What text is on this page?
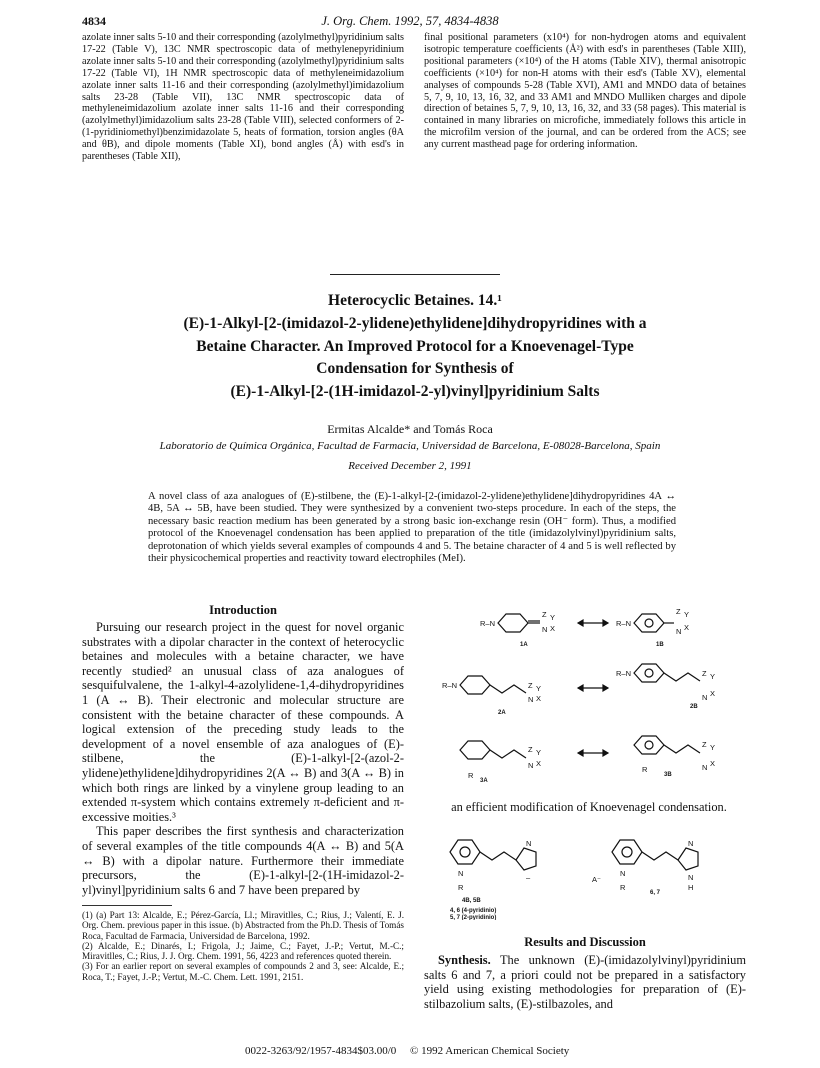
4834	J. Org. Chem. 1992, 57, 4834-4838
azolate inner salts 5-10 and their corresponding (azolylmethyl)pyridinium salts 17-22 (Table V), 13C NMR spectroscopic data of methylenepyridinium azolate inner salts 5-10 and their corresponding (azolylmethyl)pyridinium salts 17-22 (Table VI), 1H NMR spectroscopic data of methyleneimidazolium azolate inner salts 11-16 and their corresponding (azolylmethyl)imidazolium salts 23-28 (Table VII), 13C NMR spectroscopic data of methyleneimidazolium azolate inner salts 11-16 and their corresponding (azolylmethyl)imidazolium salts 23-28 (Table VIII), selected conformers of 2-(1-pyridiniomethyl)benzimidazolate 5, heats of formation, torsion angles (θA and θB), and dipole moments (Table XI), bond angles (Å) with esd's in parentheses (Table XII),
final positional parameters (x10⁴) for non-hydrogen atoms and equivalent isotropic temperature coefficients (Å²) with esd's in parentheses (Table XIII), positional parameters (×10⁴) of the H atoms (Table XIV), thermal anisotropic coefficients (×10⁴) for non-H atoms with their esd's (Table XV), elemental analyses of compounds 5-28 (Table XVI), AM1 and MNDO data of betaines 5, 7, 9, 10, 13, 16, 32, and 33 AM1 and MNDO Mulliken charges and dipole direction of betaines 5, 7, 9, 10, 13, 16, 32, and 33 (58 pages). This material is contained in many libraries on microfiche, immediately follows this article in the microfilm version of the journal, and can be ordered from the ACS; see any current masthead page for ordering information.
Heterocyclic Betaines. 14.¹
(E)-1-Alkyl-[2-(imidazol-2-ylidene)ethylidene]dihydropyridines with a
Betaine Character. An Improved Protocol for a Knoevenagel-Type
Condensation for Synthesis of
(E)-1-Alkyl-[2-(1H-imidazol-2-yl)vinyl]pyridinium Salts
Ermitas Alcalde* and Tomás Roca
Laboratorio de Química Orgánica, Facultad de Farmacia, Universidad de Barcelona, E-08028-Barcelona, Spain
Received December 2, 1991
A novel class of aza analogues of (E)-stilbene, the (E)-1-alkyl-[2-(imidazol-2-ylidene)ethylidene]dihydropyridines 4A ↔ 4B, 5A ↔ 5B, have been studied. They were synthesized by a convenient two-steps procedure. In each of the steps, the necessary basic reaction medium has been generated by a strong basic ion-exchange resin (OH⁻ form). Thus, a modified protocol of the Knoevenagel condensation has been applied to preparation of the title (imidazolylvinyl)pyridinium salts, deprotonation of which yields several examples of compounds 4 and 5. The betaine character of 4 and 5 is well reflected by their physicochemical properties and reactivity toward electrophiles (MeI).
Introduction

Pursuing our research project in the quest for novel organic substrates with a dipolar character in the context of heterocyclic betaines and molecules with a betaine character, we have recently studied² an unusual class of aza analogues of sesquifulvalene, the 1-alkyl-4-azolylidene-1,4-dihydropyridines 1 (A ↔ B). Their electronic and molecular structure are consistent with the betaine character of these compounds. A logical extension of the preceding study leads to the development of a novel ensemble of aza analogues of (E)-stilbene, the (E)-1-alkyl-[2-(azol-2-ylidene)ethylidene]dihydropyridines 2(A ↔ B) and 3(A ↔ B) in which both rings are linked by a vinylene group leading to an extended π-system which contains extremely π-deficient and π-excessive moities.³

This paper describes the first synthesis and characterization of several examples of the title compounds 4(A ↔ B) and 5(A ↔ B) with a dipolar nature. Furthermore their immediate precursors, the (E)-1-alkyl-[2-(1H-imidazol-2-yl)vinyl]pyridinium salts 6 and 7 have been prepared by

(1) (a) Part 13: Alcalde, E.; Pérez-García, Ll.; Miravitlles, C.; Rius, J.; Valentí, E. J. Org. Chem. previous paper in this issue. (b) Abstracted from the Ph.D. Thesis of Tomás Roca, Facultad de Farmacia, Universidad de Barcelona, 1992.

(2) Alcalde, E.; Dinarés, I.; Frigola, J.; Jaime, C.; Fayet, J.-P.; Vertut, M.-C.; Miravitlles, C.; Rius, J. J. Org. Chem. 1991, 56, 4223 and references quoted therein.

(3) For an earlier report on several examples of compounds 2 and 3, see: Alcalde, E.; Roca, T.; Fayet, J.-P.; Vertut, M.-C. Chem. Lett. 1991, 2151.

R–N
Z Y
N X
1A
R–N
Z Y
N X
1B
R–N	Z Y
N X
2A
R–N	Z Y
N X
2B
Z Y
N X
R
3A
Z Y
N X
R
3B
an efficient modification of Knoevenagel condensation.
N
–
N
R
4B, 5B
N
N
H
A⁻
N
R
6, 7
4, 6 (4-pyridinio)
5, 7 (2-pyridinio)
Results and Discussion
Synthesis. The unknown (E)-(imidazolylvinyl)pyridinium salts 6 and 7, a priori could not be prepared in a satisfactory yield using existing methodologies for preparation of (E)-stilbazolium salts, (E)-stilbazoles, and
0022-3263/92/1957-4834$03.00/0 © 1992 American Chemical Society
